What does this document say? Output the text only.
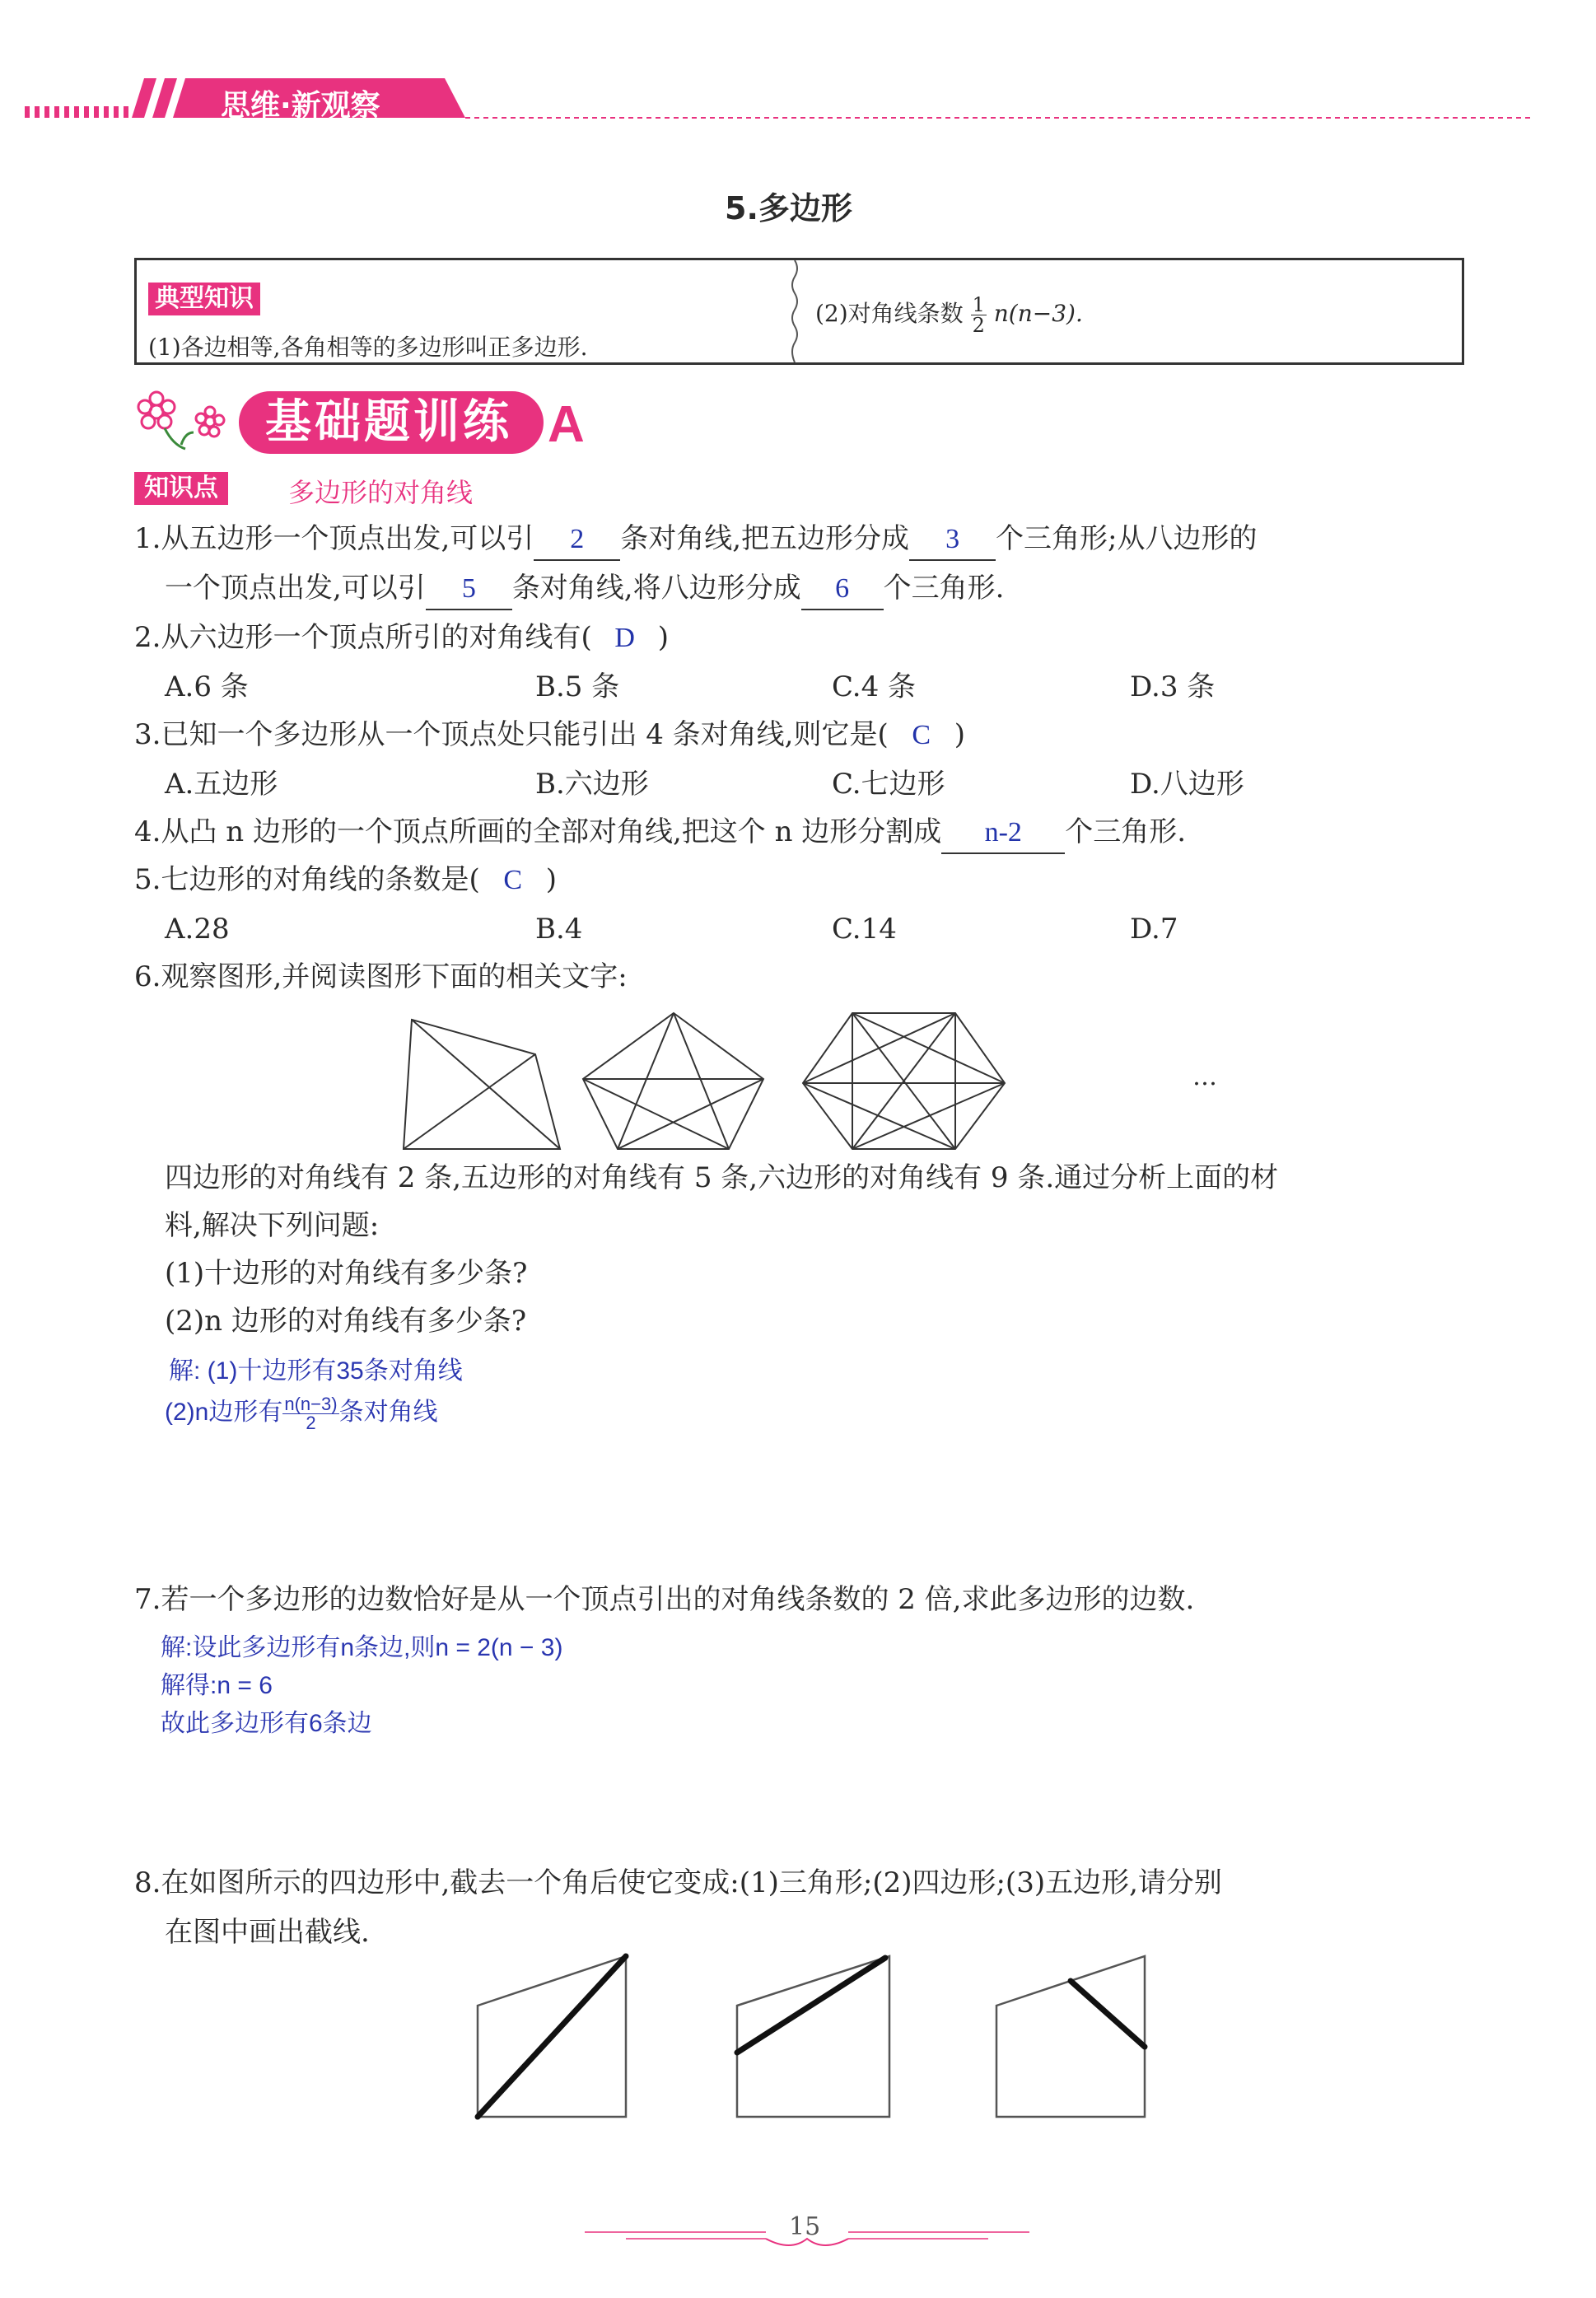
思维·新观察
5.多边形
典型知识
(1)各边相等,各角相等的多边形叫正多边形.
(2)对角线条数 $\frac{1}{2} n(n-3)$.
基础题训练 A
知识点	多边形的对角线
1.从五边形一个顶点出发,可以引 2 条对角线,把五边形分成 3 个三角形;从八边形的
一个顶点出发,可以引 5 条对角线,将八边形分成 6 个三角形.
2.从六边形一个顶点所引的对角线有( D )
A.6 条	B.5 条	C.4 条	D.3 条
3.已知一个多边形从一个顶点处只能引出 4 条对角线,则它是( C )
A.五边形	B.六边形	C.七边形	D.八边形
4.从凸 n 边形的一个顶点所画的全部对角线,把这个 n 边形分割成 n-2 个三角形.
5.七边形的对角线的条数是( C )
A.28	B.4	C.14	D.7
6.观察图形,并阅读图形下面的相关文字:
…
四边形的对角线有 2 条,五边形的对角线有 5 条,六边形的对角线有 9 条.通过分析上面的材
料,解决下列问题:
(1)十边形的对角线有多少条?
(2)n 边形的对角线有多少条?
解: (1)十边形有35条对角线
(2)n边形有 $\frac{n(n-3)}{2}$ 条对角线
7.若一个多边形的边数恰好是从一个顶点引出的对角线条数的 2 倍,求此多边形的边数.
解:设此多边形有n条边,则n = 2(n − 3)
解得:n = 6
故此多边形有6条边
8.在如图所示的四边形中,截去一个角后使它变成:(1)三角形;(2)四边形;(3)五边形,请分别
在图中画出截线.
15
